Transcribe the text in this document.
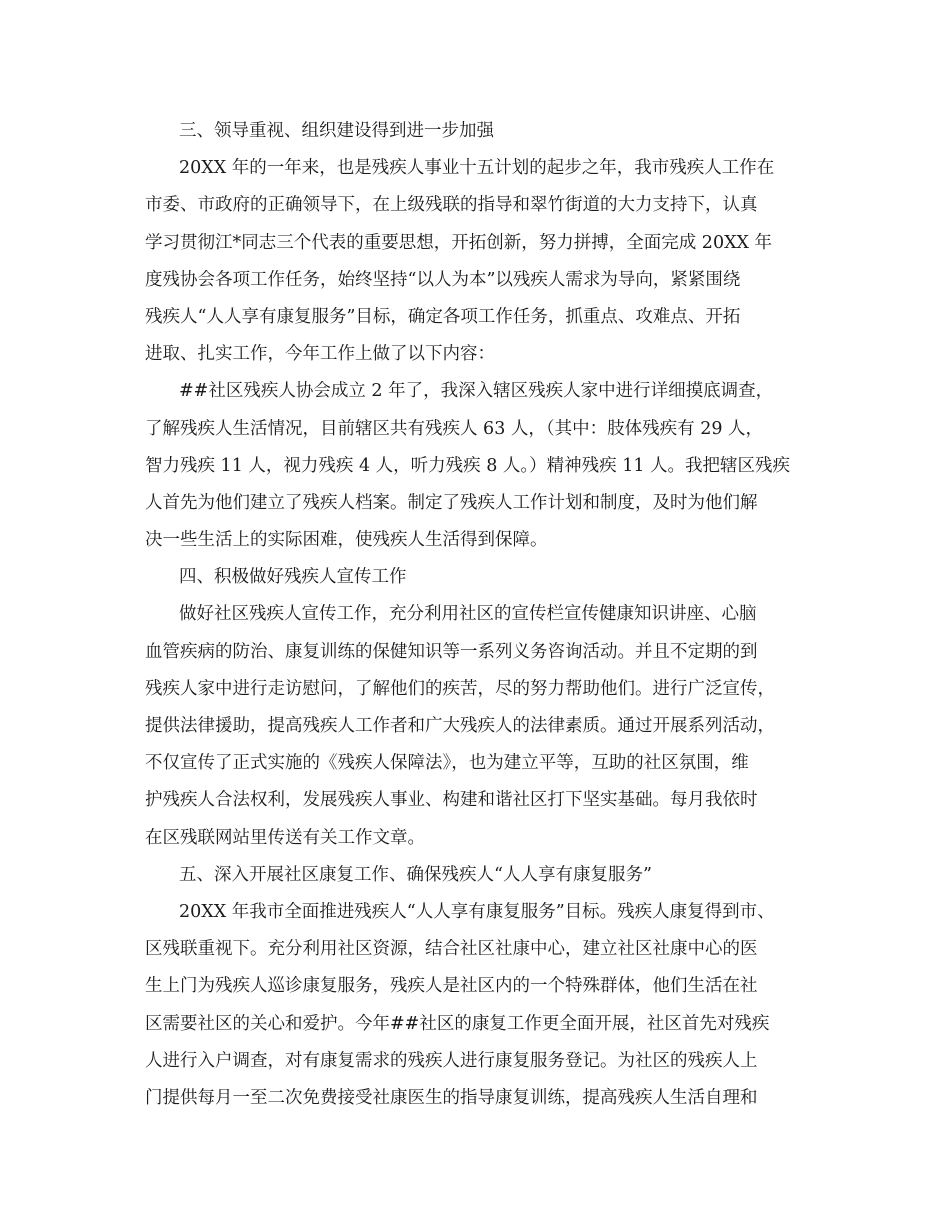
三、领导重视、组织建设得到进一步加强
20XX 年的一年来，也是残疾人事业十五计划的起步之年，我市残疾人工作在
市委、市政府的正确领导下，在上级残联的指导和翠竹街道的大力支持下，认真
学习贯彻江*同志三个代表的重要思想，开拓创新，努力拼搏，全面完成 20XX 年
度残协会各项工作任务，始终坚持“以人为本”以残疾人需求为导向，紧紧围绕
残疾人“人人享有康复服务”目标，确定各项工作任务，抓重点、攻难点、开拓
进取、扎实工作，今年工作上做了以下内容：
##社区残疾人协会成立 2 年了，我深入辖区残疾人家中进行详细摸底调查，
了解残疾人生活情况，目前辖区共有残疾人 63 人，（其中：肢体残疾有 29 人，
智力残疾 11 人，视力残疾 4 人，听力残疾 8 人。）精神残疾 11 人。我把辖区残疾
人首先为他们建立了残疾人档案。制定了残疾人工作计划和制度，及时为他们解
决一些生活上的实际困难，使残疾人生活得到保障。
四、积极做好残疾人宣传工作
做好社区残疾人宣传工作，充分利用社区的宣传栏宣传健康知识讲座、心脑
血管疾病的防治、康复训练的保健知识等一系列义务咨询活动。并且不定期的到
残疾人家中进行走访慰问，了解他们的疾苦，尽的努力帮助他们。进行广泛宣传，
提供法律援助，提高残疾人工作者和广大残疾人的法律素质。通过开展系列活动，
不仅宣传了正式实施的《残疾人保障法》，也为建立平等，互助的社区氛围，维
护残疾人合法权利，发展残疾人事业、构建和谐社区打下坚实基础。每月我依时
在区残联网站里传送有关工作文章。
五、深入开展社区康复工作、确保残疾人“人人享有康复服务”
20XX 年我市全面推进残疾人“人人享有康复服务”目标。残疾人康复得到市、
区残联重视下。充分利用社区资源，结合社区社康中心，建立社区社康中心的医
生上门为残疾人巡诊康复服务，残疾人是社区内的一个特殊群体，他们生活在社
区需要社区的关心和爱护。今年##社区的康复工作更全面开展，社区首先对残疾
人进行入户调查，对有康复需求的残疾人进行康复服务登记。为社区的残疾人上
门提供每月一至二次免费接受社康医生的指导康复训练，提高残疾人生活自理和
